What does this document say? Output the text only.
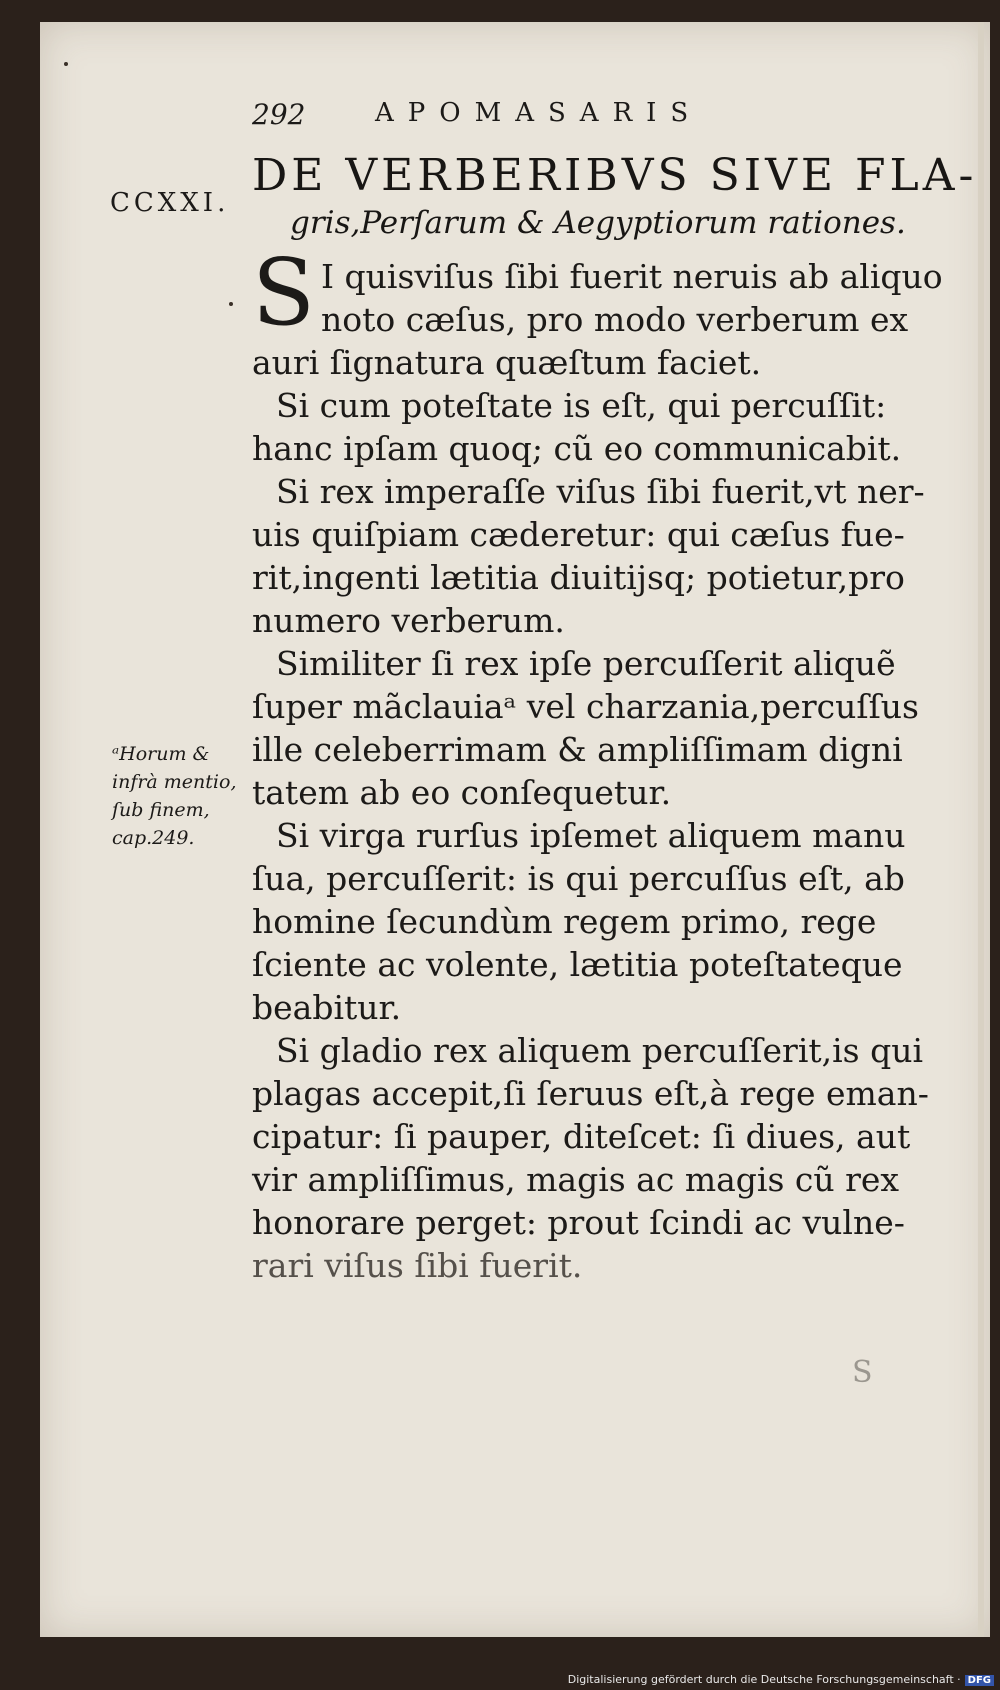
292	APOMASARIS
DE VERBERIBVS SIVE FLA-
CCXXI.
gris,Perſarum & Aegyptiorum rationes.
S I quisviſus ſibi fuerit neruis ab aliquo
noto cæſus, pro modo verberum ex
auri ſignatura quæſtum faciet.
Si cum poteſtate is eſt, qui percuſſit:
hanc ipſam quoq; cũ eo communicabit.
Si rex imperaſſe viſus ſibi fuerit,vt ner-
uis quiſpiam cæderetur: qui cæſus fue-
rit,ingenti lætitia diuitijsq; potietur,pro
numero verberum.
Similiter ſi rex ipſe percuſſerit aliquẽ
ſuper mãclauiaᵃ vel charzania,percuſſus
ille celeberrimam & ampliſſimam digni
tatem ab eo conſequetur.
Si virga rurſus ipſemet aliquem manu
ſua, percuſſerit: is qui percuſſus eſt, ab
homine ſecundùm regem primo, rege
ſciente ac volente, lætitia poteſtateque
beabitur.
Si gladio rex aliquem percuſſerit,is qui
plagas accepit,ſi ſeruus eſt,à rege eman-
cipatur: ſi pauper, diteſcet: ſi diues, aut
vir ampliſſimus, magis ac magis cũ rex
honorare perget: prout ſcindi ac vulne-
rari viſus ſibi fuerit.
ᵃHorum &
infrà mentio,
ſub finem,
cap.249.
S
Digitalisierung gefördert durch die Deutsche Forschungsgemeinschaft · DFG
